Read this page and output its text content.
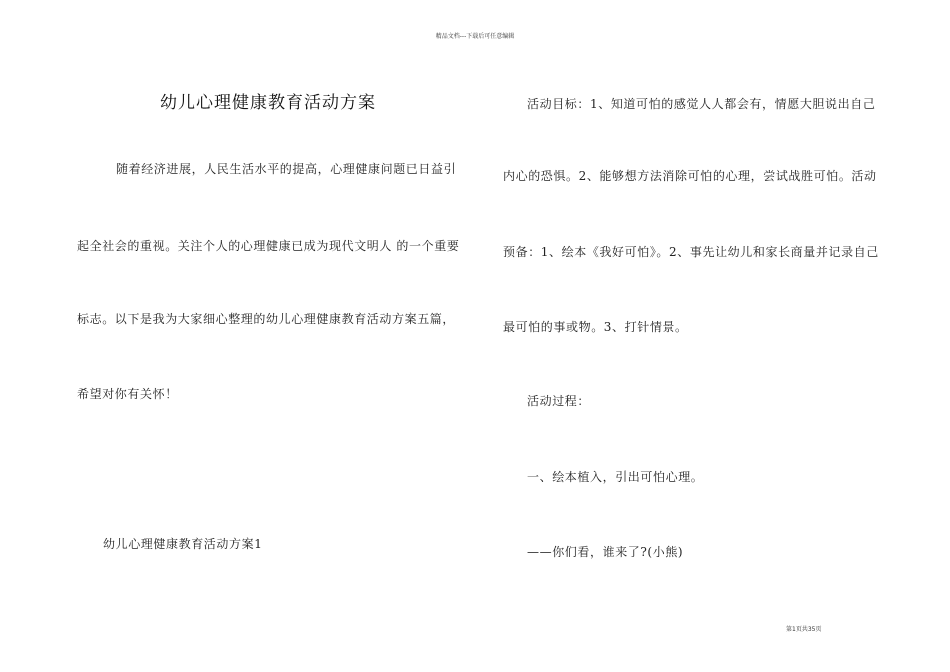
精品文档---下载后可任意编辑
幼儿心理健康教育活动方案
随着经济进展，人民生活水平的提高，心理健康问题已日益引
起全社会的重视。关注个人的心理健康已成为现代文明人 的一个重要
标志。以下是我为大家细心整理的幼儿心理健康教育活动方案五篇，
希望对你有关怀！
幼儿心理健康教育活动方案1
活动目标：1、知道可怕的感觉人人都会有，情愿大胆说出自己
内心的恐惧。2、能够想方法消除可怕的心理，尝试战胜可怕。活动
预备：1、绘本《我好可怕》。2、事先让幼儿和家长商量并记录自己
最可怕的事或物。3、打针情景。
活动过程：
一、绘本植入，引出可怕心理。
——你们看，谁来了?(小熊)
第1页共35页
